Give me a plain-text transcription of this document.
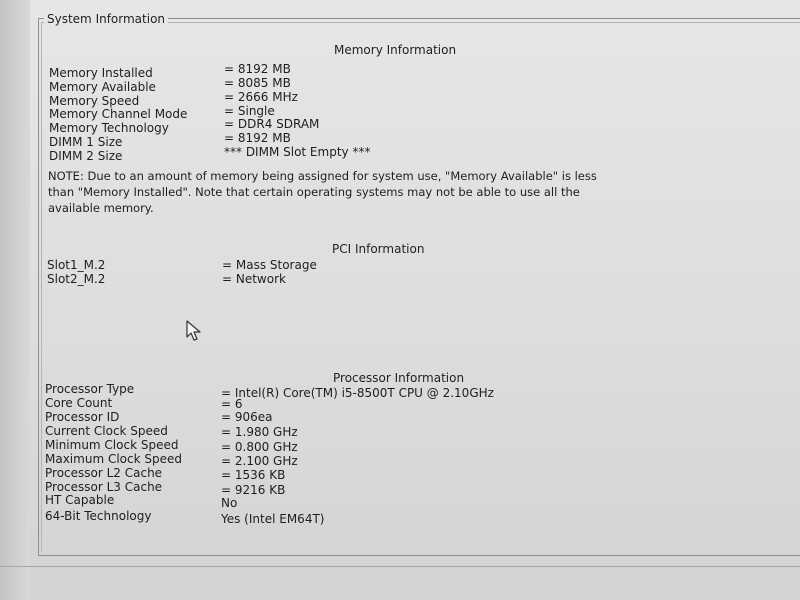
System Information
Memory Information
Memory Installed	= 8192 MB
Memory Available	= 8085 MB
Memory Speed	= 2666 MHz
Memory Channel Mode	= Single
Memory Technology	= DDR4 SDRAM
DIMM 1 Size	= 8192 MB
DIMM 2 Size	*** DIMM Slot Empty ***
NOTE: Due to an amount of memory being assigned for system use, "Memory Available" is less
than "Memory Installed". Note that certain operating systems may not be able to use all the
available memory.
PCI Information
Slot1_M.2	= Mass Storage
Slot2_M.2	= Network
Processor Information
Processor Type	= Intel(R) Core(TM) i5-8500T CPU @ 2.10GHz
Core Count	= 6
Processor ID	= 906ea
Current Clock Speed	= 1.980 GHz
Minimum Clock Speed	= 0.800 GHz
Maximum Clock Speed	= 2.100 GHz
Processor L2 Cache	= 1536 KB
Processor L3 Cache	= 9216 KB
HT Capable	No
64-Bit Technology	Yes (Intel EM64T)
